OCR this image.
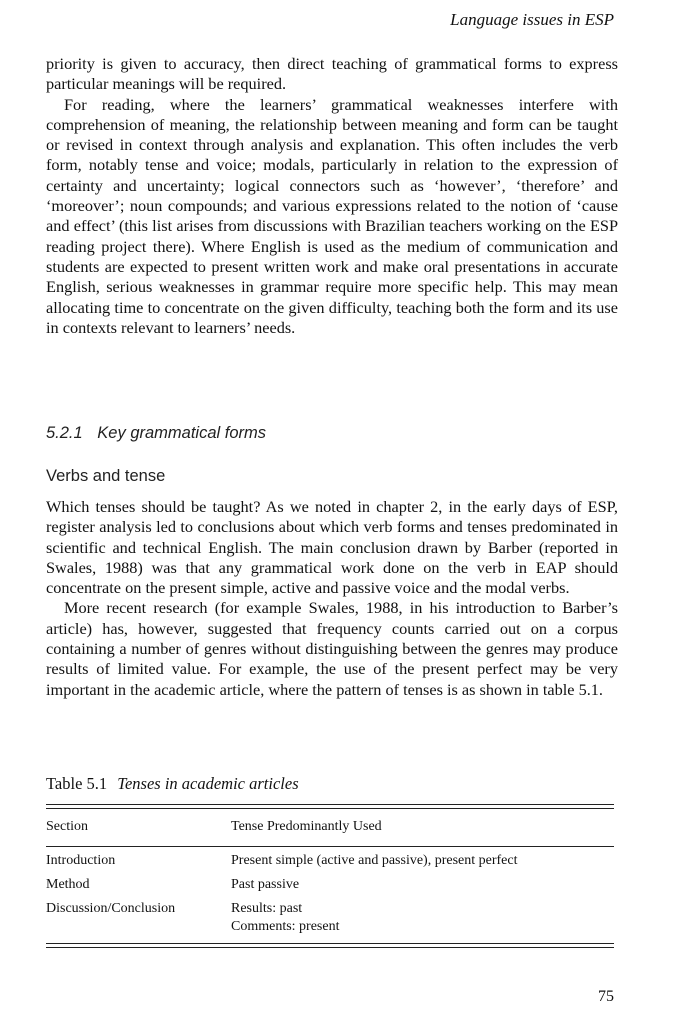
Language issues in ESP

priority is given to accuracy, then direct teaching of grammatical forms to express particular meanings will be required.

For reading, where the learners’ grammatical weaknesses interfere with comprehension of meaning, the relationship between meaning and form can be taught or revised in context through analysis and explanation. This often includes the verb form, notably tense and voice; modals, particularly in relation to the expression of certainty and uncertainty; logical connectors such as ‘however’, ‘therefore’ and ‘moreover’; noun compounds; and various expressions related to the notion of ‘cause and effect’ (this list arises from discussions with Brazilian teachers working on the ESP reading project there). Where English is used as the medium of communication and students are expected to present written work and make oral presentations in accurate English, serious weaknesses in grammar require more specific help. This may mean allocating time to concentrate on the given difficulty, teaching both the form and its use in contexts relevant to learners’ needs.

5.2.1 Key grammatical forms
Verbs and tense

Which tenses should be taught? As we noted in chapter 2, in the early days of ESP, register analysis led to conclusions about which verb forms and tenses predominated in scientific and technical English. The main conclusion drawn by Barber (reported in Swales, 1988) was that any grammatical work done on the verb in EAP should concentrate on the present simple, active and passive voice and the modal verbs.

More recent research (for example Swales, 1988, in his introduction to Barber’s article) has, however, suggested that frequency counts carried out on a corpus containing a number of genres without distinguishing between the genres may produce results of limited value. For example, the use of the present perfect may be very important in the academic article, where the pattern of tenses is as shown in table 5.1.

Table 5.1 Tenses in academic articles
Section	Tense Predominantly Used
Introduction	Present simple (active and passive), present perfect
Method	Past passive
Discussion/Conclusion	Results: past
Comments: present
75
